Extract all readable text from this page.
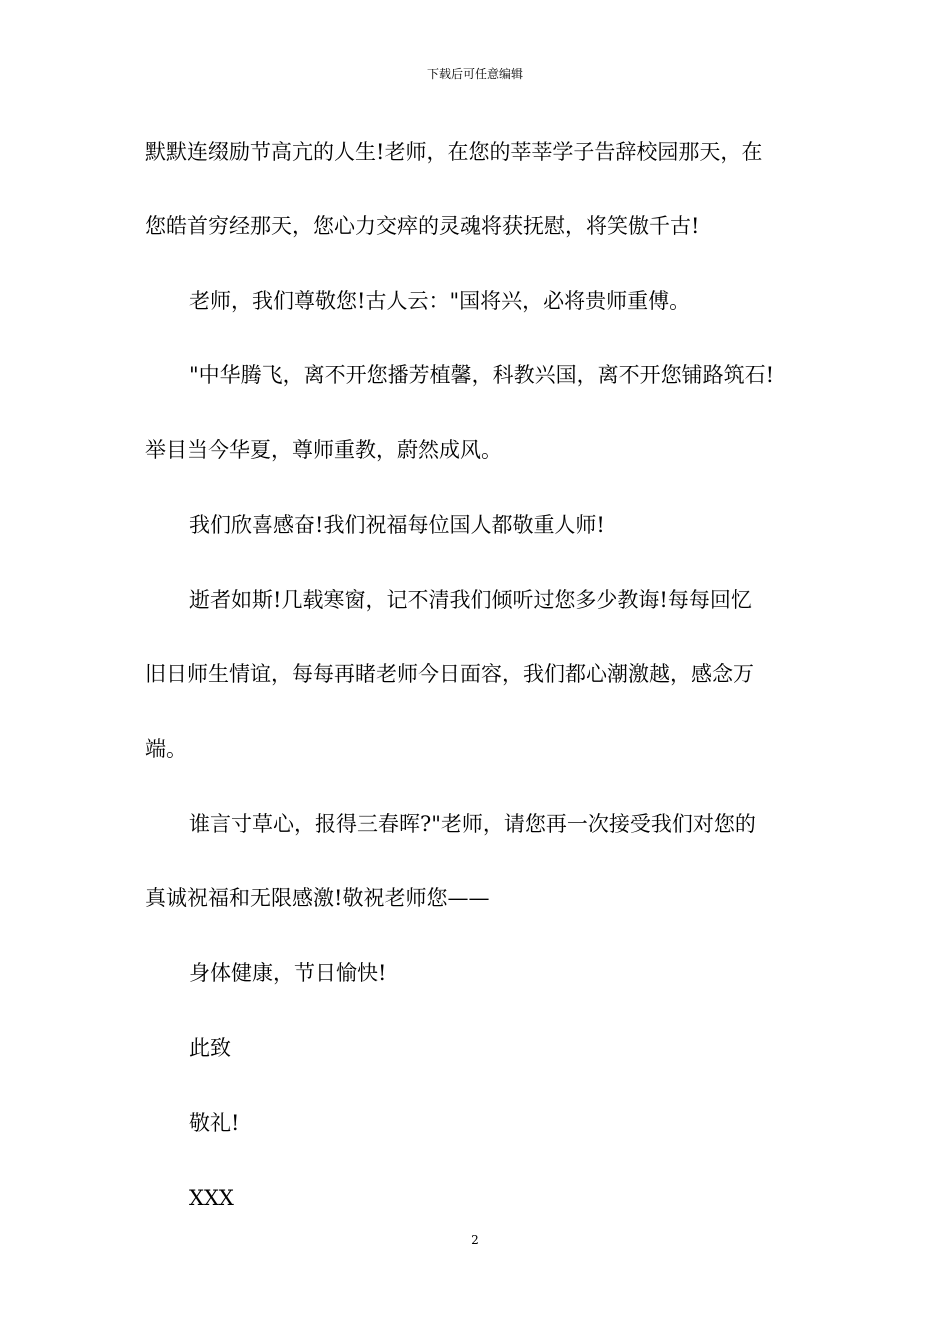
下载后可任意编辑
默默连缀励节高亢的人生!老师，在您的莘莘学子告辞校园那天，在
您皓首穷经那天，您心力交瘁的灵魂将获抚慰，将笑傲千古!
老师，我们尊敬您!古人云："国将兴，必将贵师重傅。
"中华腾飞，离不开您播芳植馨，科教兴国，离不开您铺路筑石!
举目当今华夏，尊师重教，蔚然成风。
我们欣喜感奋!我们祝福每位国人都敬重人师!
逝者如斯!几载寒窗，记不清我们倾听过您多少教诲!每每回忆
旧日师生情谊，每每再睹老师今日面容，我们都心潮激越，感念万
端。
谁言寸草心，报得三春晖?"老师，请您再一次接受我们对您的
真诚祝福和无限感激!敬祝老师您——
身体健康，节日愉快!
此致
敬礼!
XXX
2
